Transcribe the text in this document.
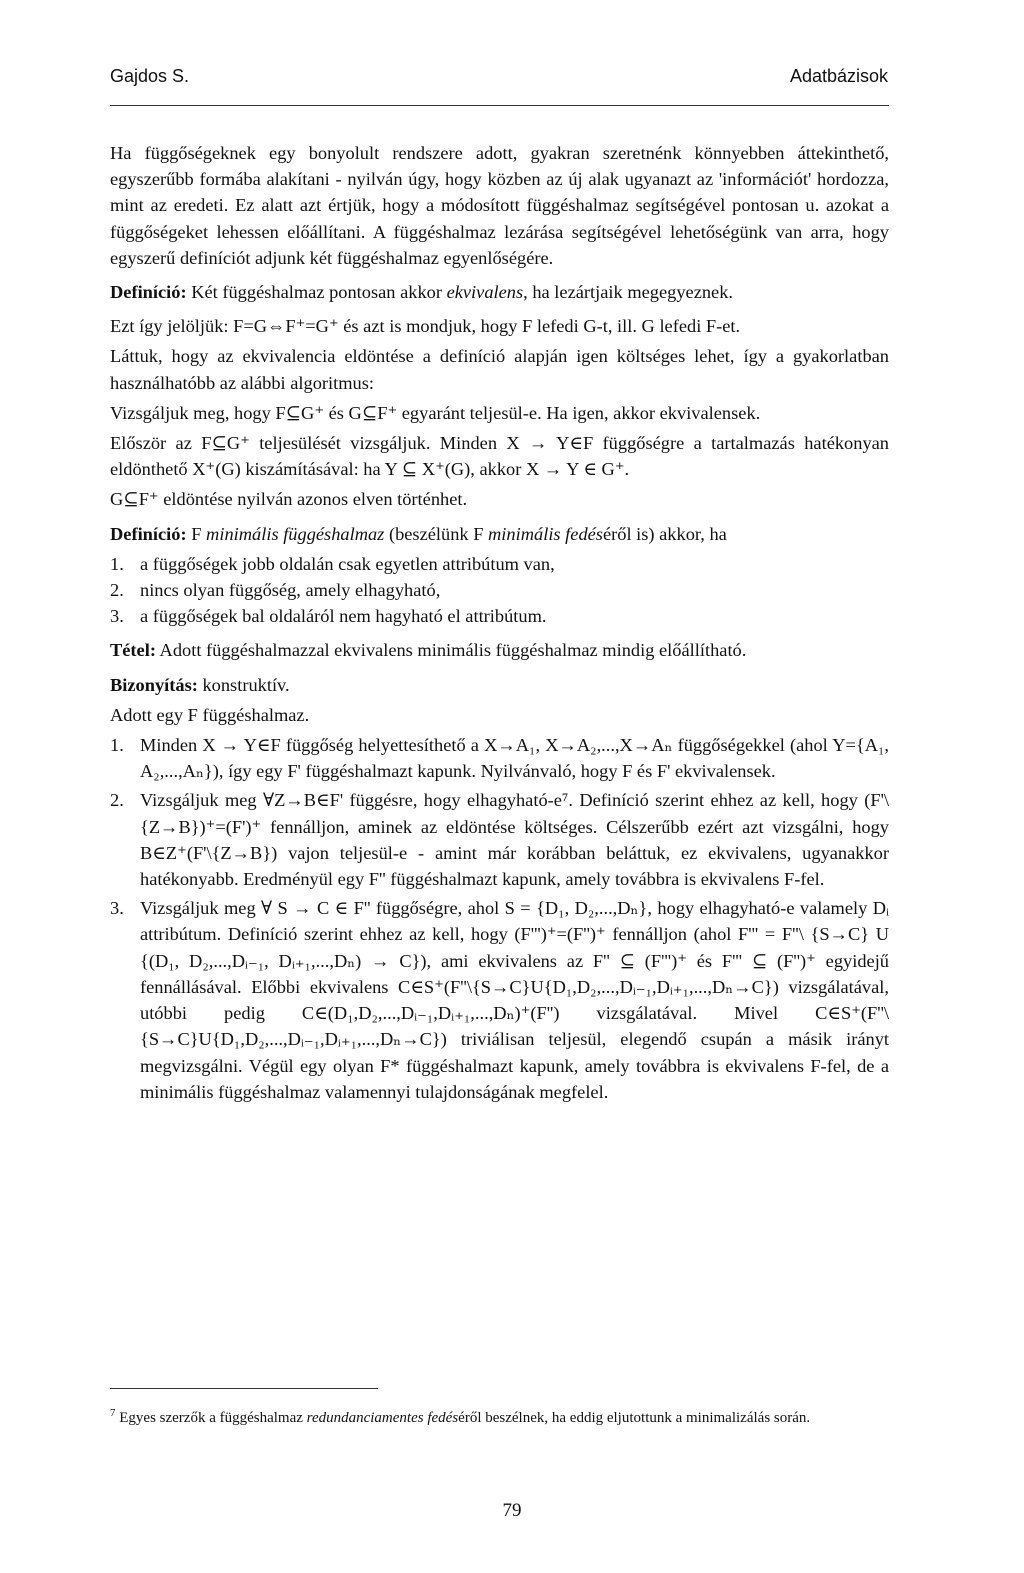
Gajdos S.	Adatbázisok

Ha függőségeknek egy bonyolult rendszere adott, gyakran szeretnénk könnyebben áttekinthető, egyszerűbb formába alakítani - nyilván úgy, hogy közben az új alak ugyanazt az 'információt' hordozza, mint az eredeti. Ez alatt azt értjük, hogy a módosított függéshalmaz segítségével pontosan u. azokat a függőségeket lehessen előállítani. A függéshalmaz lezárása segítségével lehetőségünk van arra, hogy egyszerű definíciót adjunk két függéshalmaz egyenlőségére.

Definíció: Két függéshalmaz pontosan akkor ekvivalens, ha lezártjaik megegyeznek.

Ezt így jelöljük: F=G⇔F⁺=G⁺ és azt is mondjuk, hogy F lefedi G-t, ill. G lefedi F-et.

Láttuk, hogy az ekvivalencia eldöntése a definíció alapján igen költséges lehet, így a gyakorlatban használhatóbb az alábbi algoritmus:

Vizsgáljuk meg, hogy F⊆G⁺ és G⊆F⁺ egyaránt teljesül-e. Ha igen, akkor ekvivalensek.

Először az F⊆G⁺ teljesülését vizsgáljuk. Minden X → Y∈F függőségre a tartalmazás hatékonyan eldönthető X⁺(G) kiszámításával: ha Y ⊆ X⁺(G), akkor X → Y ∈ G⁺.

G⊆F⁺ eldöntése nyilván azonos elven történhet.

Definíció: F minimális függéshalmaz (beszélünk F minimális fedéséről is) akkor, ha

1. a függőségek jobb oldalán csak egyetlen attribútum van,
2. nincs olyan függőség, amely elhagyható,
3. a függőségek bal oldaláról nem hagyható el attribútum.

Tétel: Adott függéshalmazzal ekvivalens minimális függéshalmaz mindig előállítható.

Bizonyítás: konstruktív.

Adott egy F függéshalmaz.

1. Minden X → Y∈F függőség helyettesíthető a X→A₁, X→A₂,...,X→Aₙ függőségekkel (ahol Y={A₁, A₂,...,Aₙ}), így egy F' függéshalmazt kapunk. Nyilvánvaló, hogy F és F' ekvivalensek.
2. Vizsgáljuk meg ∀Z→B∈F' függésre, hogy elhagyható-e⁷. Definíció szerint ehhez az kell, hogy (F'\{Z→B})⁺=(F')⁺ fennálljon, aminek az eldöntése költséges. Célszerűbb ezért azt vizsgálni, hogy B∈Z⁺(F'\{Z→B}) vajon teljesül-e - amint már korábban beláttuk, ez ekvivalens, ugyanakkor hatékonyabb. Eredményül egy F'' függéshalmazt kapunk, amely továbbra is ekvivalens F-fel.
3. Vizsgáljuk meg ∀ S → C ∈ F'' függőségre, ahol S = {D₁, D₂,...,Dₙ}, hogy elhagyható-e valamely Dᵢ attribútum. Definíció szerint ehhez az kell, hogy (F''')⁺=(F'')⁺ fennálljon (ahol F''' = F''\ {S→C} U {(D₁, D₂,...,Dᵢ₋₁, Dᵢ₊₁,...,Dₙ) → C}), ami ekvivalens az F'' ⊆ (F''')⁺ és F''' ⊆ (F'')⁺ egyidejű fennállásával. Előbbi ekvivalens C∈S⁺(F''\{S→C}U{D₁,D₂,...,Dᵢ₋₁,Dᵢ₊₁,...,Dₙ→C}) vizsgálatával, utóbbi pedig C∈(D₁,D₂,...,Dᵢ₋₁,Dᵢ₊₁,...,Dₙ)⁺(F'') vizsgálatával. Mivel C∈S⁺(F''\{S→C}U{D₁,D₂,...,Dᵢ₋₁,Dᵢ₊₁,...,Dₙ→C}) triviálisan teljesül, elegendő csupán a másik irányt megvizsgálni. Végül egy olyan F* függéshalmazt kapunk, amely továbbra is ekvivalens F-fel, de a minimális függéshalmaz valamennyi tulajdonságának megfelel.
$^7$ Egyes szerzők a függéshalmaz redundanciamentes fedéséről beszélnek, ha eddig eljutottunk a minimalizálás során.
79
